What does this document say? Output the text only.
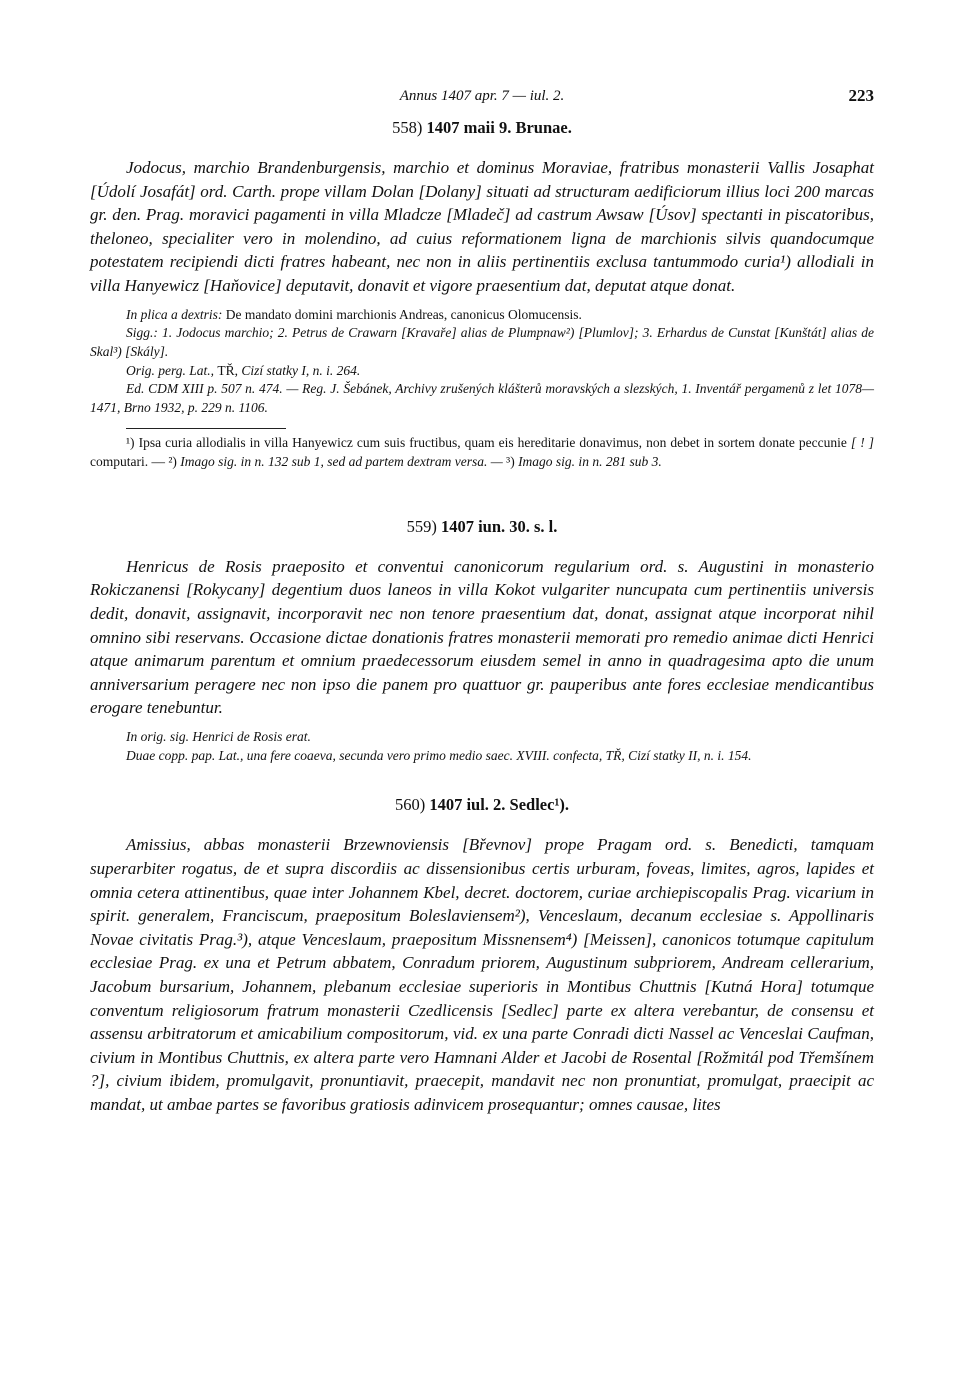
Annus 1407 apr. 7 — iul. 2.	223

558) 1407 maii 9. Brunae.

Jodocus, marchio Brandenburgensis, marchio et dominus Moraviae, fratribus monasterii Vallis Josaphat [Údolí Josafát] ord. Carth. prope villam Dolan [Dolany] situati ad structuram aedificiorum illius loci 200 marcas gr. den. Prag. moravici pagamenti in villa Mladcze [Mladeč] ad castrum Awsaw [Úsov] spectanti in piscatoribus, theloneo, specialiter vero in molendino, ad cuius reformationem ligna de marchionis silvis quandocumque potestatem recipiendi dicti fratres habeant, nec non in aliis pertinentiis exclusa tantummodo curia¹) allodiali in villa Hanyewicz [Haňovice] deputavit, donavit et vigore praesentium dat, deputat atque donat.

In plica a dextris: De mandato domini marchionis Andreas, canonicus Olomucensis.

Sigg.: 1. Jodocus marchio; 2. Petrus de Crawarn [Kravaře] alias de Plumpnaw²) [Plumlov]; 3. Erhardus de Cunstat [Kunštát] alias de Skal³) [Skály].

Orig. perg. Lat., TŘ, Cizí statky I, n. i. 264.

Ed. CDM XIII p. 507 n. 474. — Reg. J. Šebánek, Archivy zrušených klášterů moravských a slezských, 1. Inventář pergamenů z let 1078—1471, Brno 1932, p. 229 n. 1106.

¹) Ipsa curia allodialis in villa Hanyewicz cum suis fructibus, quam eis hereditarie donavimus, non debet in sortem donate peccunie [ ! ] computari. — ²) Imago sig. in n. 132 sub 1, sed ad partem dextram versa. — ³) Imago sig. in n. 281 sub 3.

559) 1407 iun. 30. s. l.

Henricus de Rosis praeposito et conventui canonicorum regularium ord. s. Augustini in monasterio Rokiczanensi [Rokycany] degentium duos laneos in villa Kokot vulgariter nuncupata cum pertinentiis universis dedit, donavit, assignavit, incorporavit nec non tenore praesentium dat, donat, assignat atque incorporat nihil omnino sibi reservans. Occasione dictae donationis fratres monasterii memorati pro remedio animae dicti Henrici atque animarum parentum et omnium praedecessorum eiusdem semel in anno in quadragesima apto die unum anniversarium peragere nec non ipso die panem pro quattuor gr. pauperibus ante fores ecclesiae mendicantibus erogare tenebuntur.

In orig. sig. Henrici de Rosis erat.

Duae copp. pap. Lat., una fere coaeva, secunda vero primo medio saec. XVIII. confecta, TŘ, Cizí statky II, n. i. 154.

560) 1407 iul. 2. Sedlec¹).

Amissius, abbas monasterii Brzewnoviensis [Břevnov] prope Pragam ord. s. Benedicti, tamquam superarbiter rogatus, de et supra discordiis ac dissensionibus certis urburam, foveas, limites, agros, lapides et omnia cetera attinentibus, quae inter Johannem Kbel, decret. doctorem, curiae archiepiscopalis Prag. vicarium in spirit. generalem, Franciscum, praepositum Boleslaviensem²), Venceslaum, decanum ecclesiae s. Appollinaris Novae civitatis Prag.³), atque Venceslaum, praepositum Missnensem⁴) [Meissen], canonicos totumque capitulum ecclesiae Prag. ex una et Petrum abbatem, Conradum priorem, Augustinum subpriorem, Andream cellerarium, Jacobum bursarium, Johannem, plebanum ecclesiae superioris in Montibus Chuttnis [Kutná Hora] totumque conventum religiosorum fratrum monasterii Czedlicensis [Sedlec] parte ex altera verebantur, de consensu et assensu arbitratorum et amicabilium compositorum, vid. ex una parte Conradi dicti Nassel ac Venceslai Caufman, civium in Montibus Chuttnis, ex altera parte vero Hamnani Alder et Jacobi de Rosental [Rožmitál pod Třemšínem ?], civium ibidem, promulgavit, pronuntiavit, praecepit, mandavit nec non pronuntiat, promulgat, praecipit ac mandat, ut ambae partes se favoribus gratiosis adinvicem prosequantur; omnes causae, lites
